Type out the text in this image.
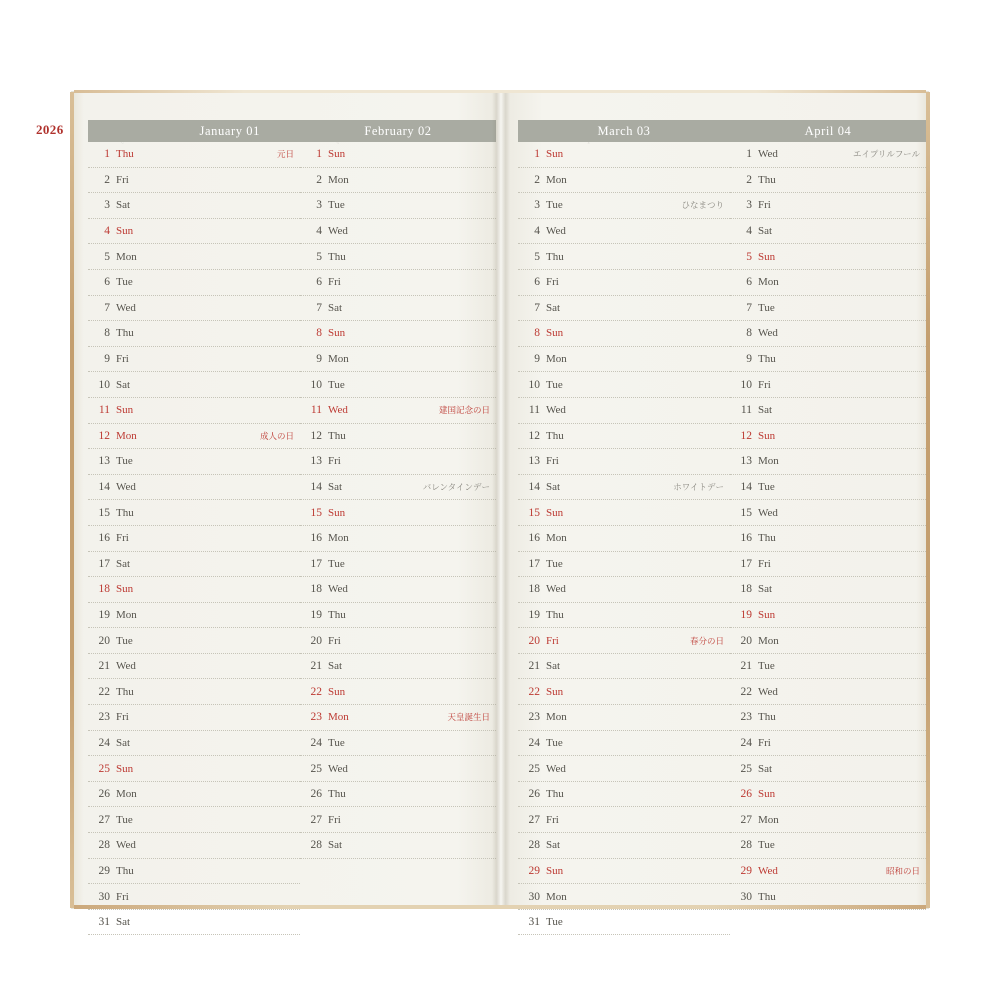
2026	January 01
1 Thu	元日
2 Fri
3 Sat
4 Sun
5 Mon
6 Tue
7 Wed
8 Thu
9 Fri
10 Sat
11 Sun
12 Mon	成人の日
13 Tue
14 Wed
15 Thu
16 Fri
17 Sat
18 Sun
19 Mon
20 Tue
21 Wed
22 Thu
23 Fri
24 Sat
25 Sun
26 Mon
27 Tue
28 Wed
29 Thu
30 Fri
31 Sat
February 02
1 Sun
2 Mon
3 Tue
4 Wed
5 Thu
6 Fri
7 Sat
8 Sun
9 Mon
10 Tue
11 Wed	建国記念の日
12 Thu
13 Fri
14 Sat	バレンタインデー
15 Sun
16 Mon
17 Tue
18 Wed
19 Thu
20 Fri
21 Sat
22 Sun
23 Mon	天皇誕生日
24 Tue
25 Wed
26 Thu
27 Fri
28 Sat
March 03
1 Sun
2 Mon
3 Tue	ひなまつり
4 Wed
5 Thu
6 Fri
7 Sat
8 Sun
9 Mon
10 Tue
11 Wed
12 Thu
13 Fri
14 Sat	ホワイトデー
15 Sun
16 Mon
17 Tue
18 Wed
19 Thu
20 Fri	春分の日
21 Sat
22 Sun
23 Mon
24 Tue
25 Wed
26 Thu
27 Fri
28 Sat
29 Sun
30 Mon
31 Tue
April 04
1 Wed	エイプリルフール
2 Thu
3 Fri
4 Sat
5 Sun
6 Mon
7 Tue
8 Wed
9 Thu
10 Fri
11 Sat
12 Sun
13 Mon
14 Tue
15 Wed
16 Thu
17 Fri
18 Sat
19 Sun
20 Mon
21 Tue
22 Wed
23 Thu
24 Fri
25 Sat
26 Sun
27 Mon
28 Tue
29 Wed	昭和の日
30 Thu
